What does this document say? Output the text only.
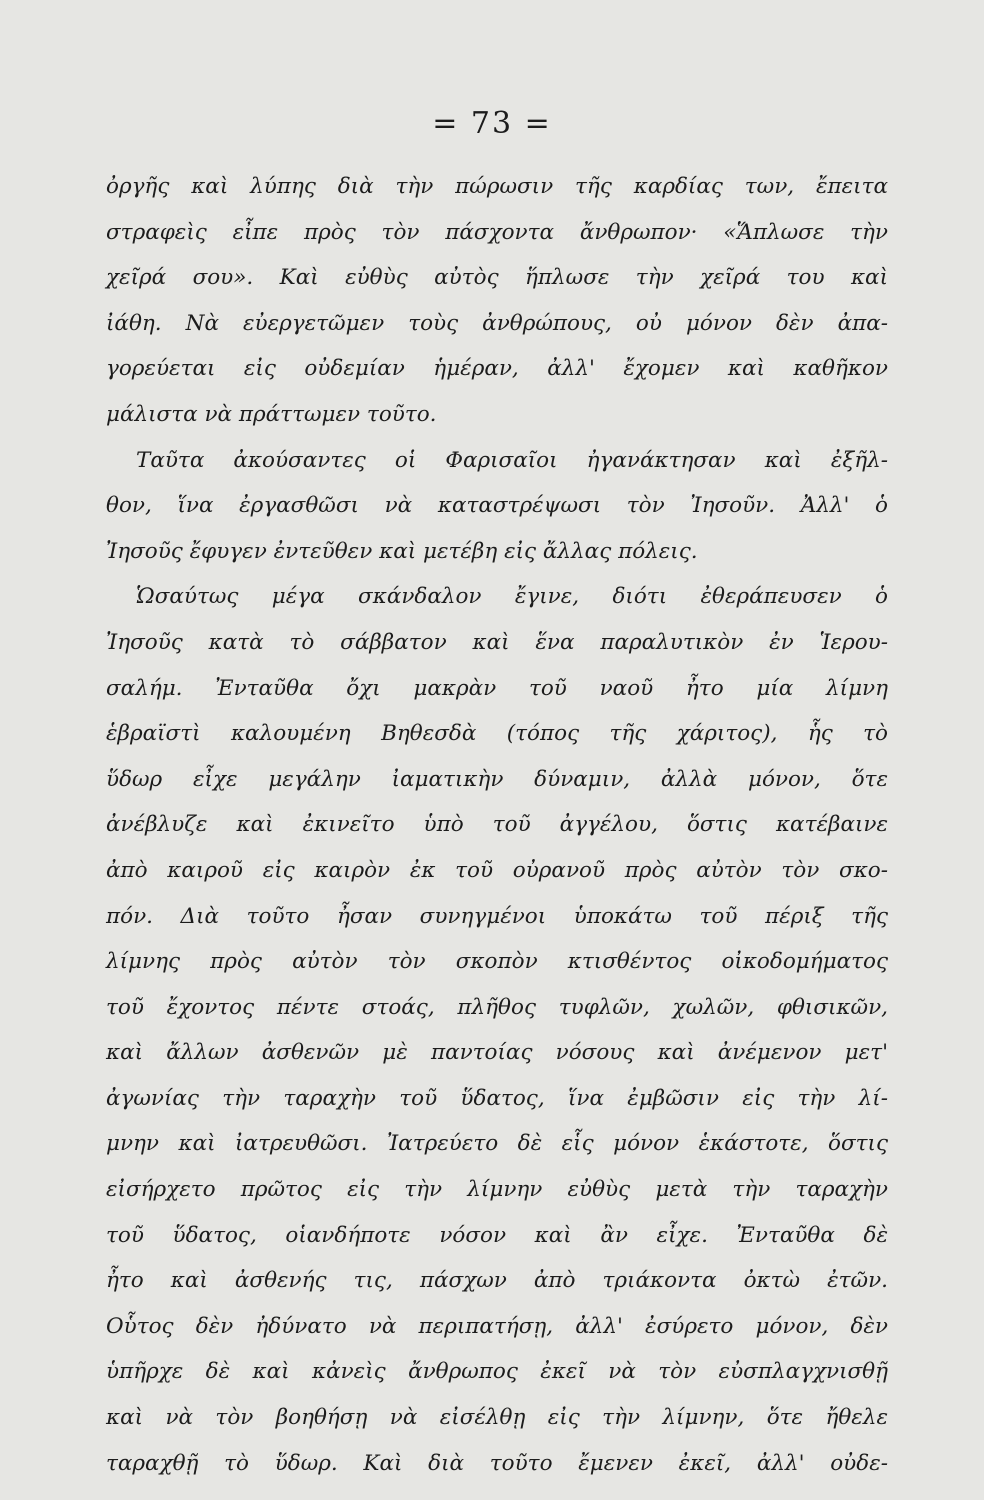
= 73 =
ὀργῆς καὶ λύπης διὰ τὴν πώρωσιν τῆς καρδίας των, ἔπειτα
στραφεὶς εἶπε πρὸς τὸν πάσχοντα ἄνθρωπον· «Ἅπλωσε τὴν
χεῖρά σου». Καὶ εὐθὺς αὐτὸς ἥπλωσε τὴν χεῖρά του καὶ
ἰάθη. Νὰ εὐεργετῶμεν τοὺς ἀνθρώπους, οὐ μόνον δὲν ἀπα-
γορεύεται εἰς οὐδεμίαν ἡμέραν, ἀλλ' ἔχομεν καὶ καθῆκον
μάλιστα νὰ πράττωμεν τοῦτο.
Ταῦτα ἀκούσαντες οἱ Φαρισαῖοι ἠγανάκτησαν καὶ ἐξῆλ-
θον, ἵνα ἐργασθῶσι νὰ καταστρέψωσι τὸν Ἰησοῦν. Ἀλλ' ὁ
Ἰησοῦς ἔφυγεν ἐντεῦθεν καὶ μετέβη εἰς ἄλλας πόλεις.
Ὡσαύτως μέγα σκάνδαλον ἔγινε, διότι ἐθεράπευσεν ὁ
Ἰησοῦς κατὰ τὸ σάββατον καὶ ἕνα παραλυτικὸν ἐν Ἱερου-
σαλήμ. Ἐνταῦθα ὄχι μακρὰν τοῦ ναοῦ ἦτο μία λίμνη
ἑβραϊστὶ καλουμένη Βηθεσδὰ (τόπος τῆς χάριτος), ἧς τὸ
ὕδωρ εἶχε μεγάλην ἰαματικὴν δύναμιν, ἀλλὰ μόνον, ὅτε
ἀνέβλυζε καὶ ἐκινεῖτο ὑπὸ τοῦ ἀγγέλου, ὅστις κατέβαινε
ἀπὸ καιροῦ εἰς καιρὸν ἐκ τοῦ οὐρανοῦ πρὸς αὐτὸν τὸν σκο-
πόν. Διὰ τοῦτο ἦσαν συνηγμένοι ὑποκάτω τοῦ πέριξ τῆς
λίμνης πρὸς αὐτὸν τὸν σκοπὸν κτισθέντος οἰκοδομήματος
τοῦ ἔχοντος πέντε στοάς, πλῆθος τυφλῶν, χωλῶν, φθισικῶν,
καὶ ἄλλων ἀσθενῶν μὲ παντοίας νόσους καὶ ἀνέμενον μετ'
ἀγωνίας τὴν ταραχὴν τοῦ ὕδατος, ἵνα ἐμβῶσιν εἰς τὴν λί-
μνην καὶ ἰατρευθῶσι. Ἰατρεύετο δὲ εἷς μόνον ἑκάστοτε, ὅστις
εἰσήρχετο πρῶτος εἰς τὴν λίμνην εὐθὺς μετὰ τὴν ταραχὴν
τοῦ ὕδατος, οἱανδήποτε νόσον καὶ ἂν εἶχε. Ἐνταῦθα δὲ
ἦτο καὶ ἀσθενής τις, πάσχων ἀπὸ τριάκοντα ὀκτὼ ἐτῶν.
Οὗτος δὲν ἠδύνατο νὰ περιπατήσῃ, ἀλλ' ἐσύρετο μόνον, δὲν
ὑπῆρχε δὲ καὶ κἀνεὶς ἄνθρωπος ἐκεῖ νὰ τὸν εὐσπλαγχνισθῇ
καὶ νὰ τὸν βοηθήσῃ νὰ εἰσέλθῃ εἰς τὴν λίμνην, ὅτε ἤθελε
ταραχθῇ τὸ ὕδωρ. Καὶ διὰ τοῦτο ἔμενεν ἐκεῖ, ἀλλ' οὐδε-
